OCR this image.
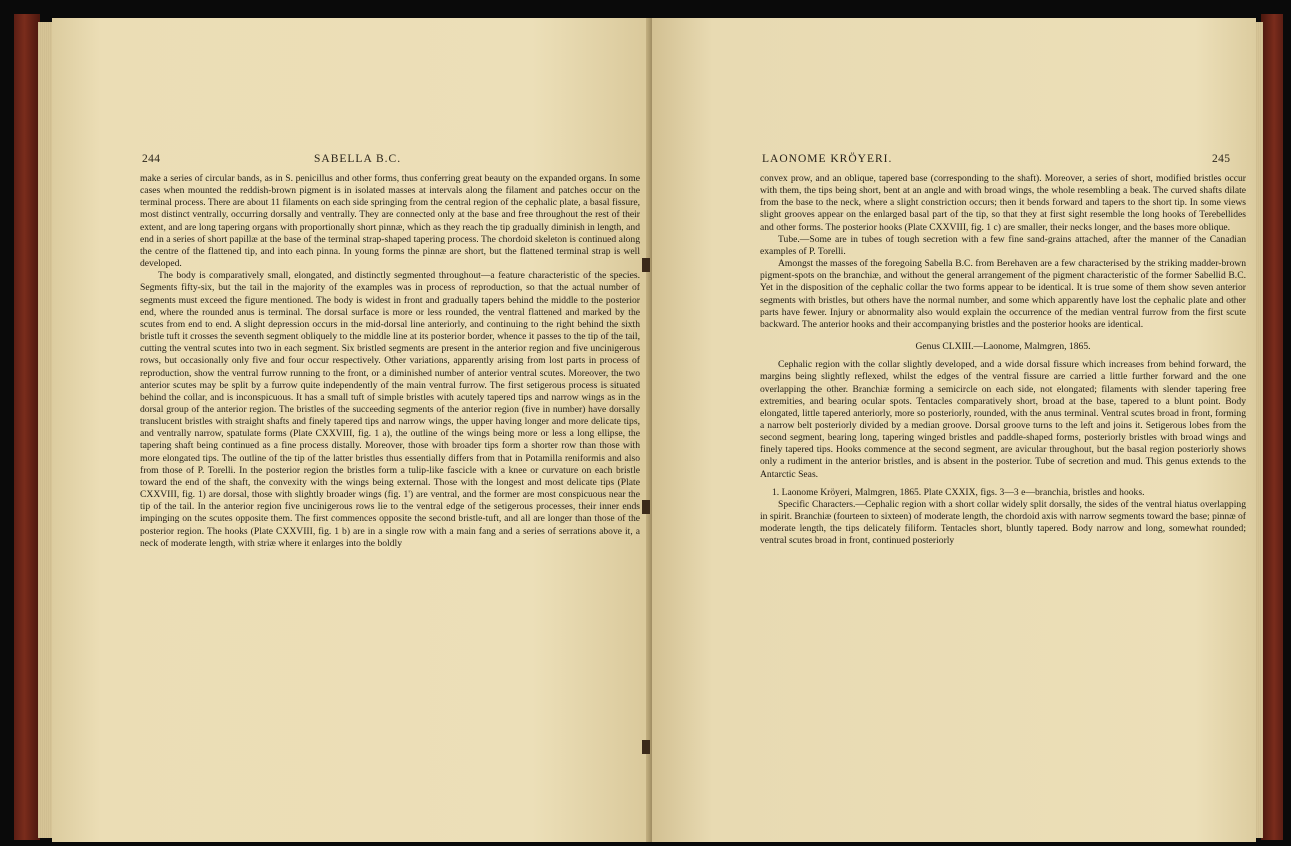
244	SABELLA B.C.

make a series of circular bands, as in S. penicillus and other forms, thus conferring great beauty on the expanded organs. In some cases when mounted the reddish-brown pigment is in isolated masses at intervals along the filament and patches occur on the terminal process. There are about 11 filaments on each side springing from the central region of the cephalic plate, a basal fissure, most distinct ventrally, occurring dorsally and ventrally. They are connected only at the base and free throughout the rest of their extent, and are long tapering organs with proportionally short pinnæ, which as they reach the tip gradually diminish in length, and end in a series of short papillæ at the base of the terminal strap-shaped tapering process. The chordoid skeleton is continued along the centre of the flattened tip, and into each pinna. In young forms the pinnæ are short, but the flattened terminal strap is well developed.

The body is comparatively small, elongated, and distinctly segmented throughout—a feature characteristic of the species. Segments fifty-six, but the tail in the majority of the examples was in process of reproduction, so that the actual number of segments must exceed the figure mentioned. The body is widest in front and gradually tapers behind the middle to the posterior end, where the rounded anus is terminal. The dorsal surface is more or less rounded, the ventral flattened and marked by the scutes from end to end. A slight depression occurs in the mid-dorsal line anteriorly, and continuing to the right behind the sixth bristle tuft it crosses the seventh segment obliquely to the middle line at its posterior border, whence it passes to the tip of the tail, cutting the ventral scutes into two in each segment. Six bristled segments are present in the anterior region and five uncinigerous rows, but occasionally only five and four occur respectively. Other variations, apparently arising from lost parts in process of reproduction, show the ventral furrow running to the front, or a diminished number of anterior ventral scutes. Moreover, the two anterior scutes may be split by a furrow quite independently of the main ventral furrow. The first setigerous process is situated behind the collar, and is inconspicuous. It has a small tuft of simple bristles with acutely tapered tips and narrow wings as in the dorsal group of the anterior region. The bristles of the succeeding segments of the anterior region (five in number) have dorsally translucent bristles with straight shafts and finely tapered tips and narrow wings, the upper having longer and more delicate tips, and ventrally narrow, spatulate forms (Plate CXXVIII, fig. 1 a), the outline of the wings being more or less a long ellipse, the tapering shaft being continued as a fine process distally. Moreover, those with broader tips form a shorter row than those with more elongated tips. The outline of the tip of the latter bristles thus essentially differs from that in Potamilla reniformis and also from those of P. Torelli. In the posterior region the bristles form a tulip-like fascicle with a knee or curvature on each bristle toward the end of the shaft, the convexity with the wings being external. Those with the longest and most delicate tips (Plate CXXVIII, fig. 1) are dorsal, those with slightly broader wings (fig. 1') are ventral, and the former are most conspicuous near the tip of the tail. In the anterior region five uncinigerous rows lie to the ventral edge of the setigerous processes, their inner ends impinging on the scutes opposite them. The first commences opposite the second bristle-tuft, and all are longer than those of the posterior region. The hooks (Plate CXXVIII, fig. 1 b) are in a single row with a main fang and a series of serrations above it, a neck of moderate length, with striæ where it enlarges into the boldly

LAONOME KRÖYERI.	245

convex prow, and an oblique, tapered base (corresponding to the shaft). Moreover, a series of short, modified bristles occur with them, the tips being short, bent at an angle and with broad wings, the whole resembling a beak. The curved shafts dilate from the base to the neck, where a slight constriction occurs; then it bends forward and tapers to the short tip. In some views slight grooves appear on the enlarged basal part of the tip, so that they at first sight resemble the long hooks of Terebellides and other forms. The posterior hooks (Plate CXXVIII, fig. 1 c) are smaller, their necks longer, and the bases more oblique.

Tube.—Some are in tubes of tough secretion with a few fine sand-grains attached, after the manner of the Canadian examples of P. Torelli.

Amongst the masses of the foregoing Sabella B.C. from Berehaven are a few characterised by the striking madder-brown pigment-spots on the branchiæ, and without the general arrangement of the pigment characteristic of the former Sabellid B.C. Yet in the disposition of the cephalic collar the two forms appear to be identical. It is true some of them show seven anterior segments with bristles, but others have the normal number, and some which apparently have lost the cephalic plate and other parts have fewer. Injury or abnormality also would explain the occurrence of the median ventral furrow from the first scute backward. The anterior hooks and their accompanying bristles and the posterior hooks are identical.

Genus CLXIII.—Laonome, Malmgren, 1865.

Cephalic region with the collar slightly developed, and a wide dorsal fissure which increases from behind forward, the margins being slightly reflexed, whilst the edges of the ventral fissure are carried a little further forward and the one overlapping the other. Branchiæ forming a semicircle on each side, not elongated; filaments with slender tapering free extremities, and bearing ocular spots. Tentacles comparatively short, broad at the base, tapered to a blunt point. Body elongated, little tapered anteriorly, more so posteriorly, rounded, with the anus terminal. Ventral scutes broad in front, forming a narrow belt posteriorly divided by a median groove. Dorsal groove turns to the left and joins it. Setigerous lobes from the second segment, bearing long, tapering winged bristles and paddle-shaped forms, posteriorly bristles with broad wings and finely tapered tips. Hooks commence at the second segment, are avicular throughout, but the basal region posteriorly shows only a rudiment in the anterior bristles, and is absent in the posterior. Tube of secretion and mud. This genus extends to the Antarctic Seas.

1. Laonome Kröyeri, Malmgren, 1865. Plate CXXIX, figs. 3—3 e—branchia, bristles and hooks.

Specific Characters.—Cephalic region with a short collar widely split dorsally, the sides of the ventral hiatus overlapping in spirit. Branchiæ (fourteen to sixteen) of moderate length, the chordoid axis with narrow segments toward the base; pinnæ of moderate length, the tips delicately filiform. Tentacles short, bluntly tapered. Body narrow and long, somewhat rounded; ventral scutes broad in front, continued posteriorly
